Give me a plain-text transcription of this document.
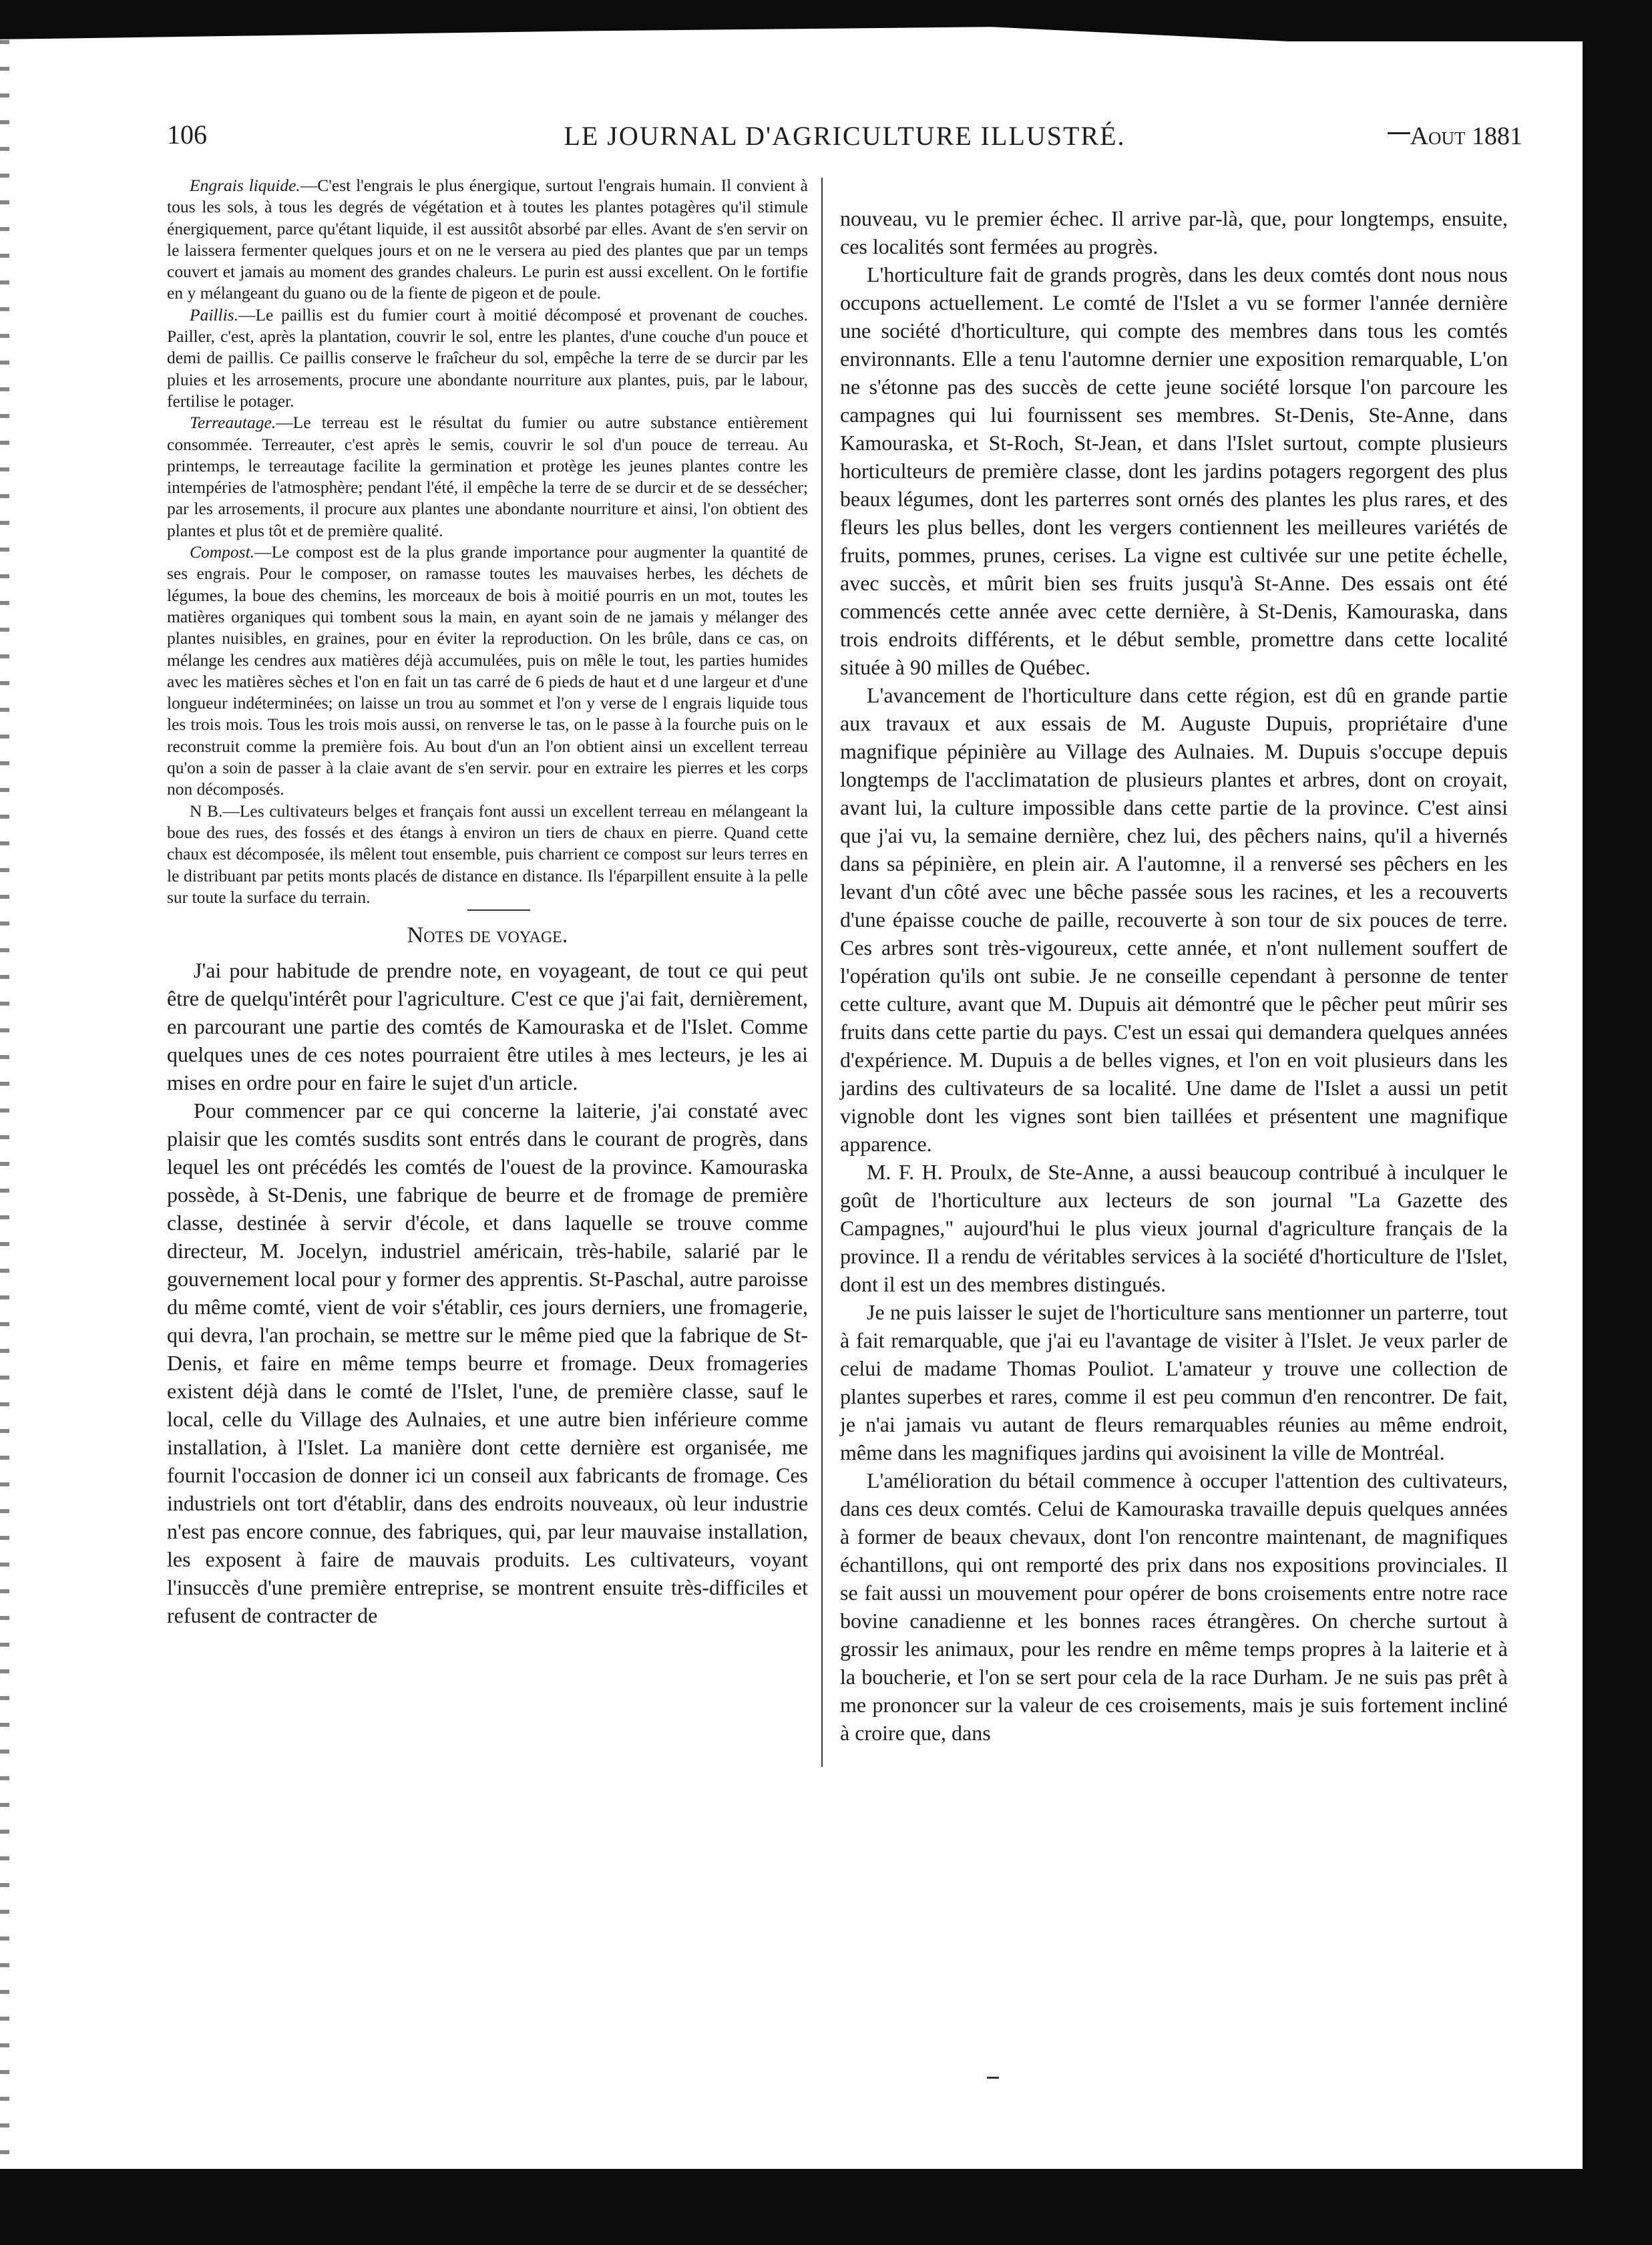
106	LE JOURNAL D'AGRICULTURE ILLUSTRÉ.	Aout 1881

Engrais liquide.—C'est l'engrais le plus énergique, surtout l'engrais humain. Il convient à tous les sols, à tous les degrés de végétation et à toutes les plantes potagères qu'il stimule énergiquement, parce qu'étant liquide, il est aussitôt absorbé par elles. Avant de s'en servir on le laissera fermenter quelques jours et on ne le versera au pied des plantes que par un temps couvert et jamais au moment des grandes chaleurs. Le purin est aussi excellent. On le fortifie en y mélangeant du guano ou de la fiente de pigeon et de poule.

Paillis.—Le paillis est du fumier court à moitié décomposé et provenant de couches. Pailler, c'est, après la plantation, couvrir le sol, entre les plantes, d'une couche d'un pouce et demi de paillis. Ce paillis conserve le fraîcheur du sol, empêche la terre de se durcir par les pluies et les arrosements, procure une abondante nourriture aux plantes, puis, par le labour, fertilise le potager.

Terreautage.—Le terreau est le résultat du fumier ou autre substance entièrement consommée. Terreauter, c'est après le semis, couvrir le sol d'un pouce de terreau. Au printemps, le terreautage facilite la germination et protège les jeunes plantes contre les intempéries de l'atmosphère; pendant l'été, il empêche la terre de se durcir et de se dessécher; par les arrosements, il procure aux plantes une abondante nourriture et ainsi, l'on obtient des plantes et plus tôt et de première qualité.

Compost.—Le compost est de la plus grande importance pour augmenter la quantité de ses engrais. Pour le composer, on ramasse toutes les mauvaises herbes, les déchets de légumes, la boue des chemins, les morceaux de bois à moitié pourris en un mot, toutes les matières organiques qui tombent sous la main, en ayant soin de ne jamais y mélanger des plantes nuisibles, en graines, pour en éviter la reproduction. On les brûle, dans ce cas, on mélange les cendres aux matières déjà accumulées, puis on mêle le tout, les parties humides avec les matières sèches et l'on en fait un tas carré de 6 pieds de haut et d une largeur et d'une longueur indéterminées; on laisse un trou au sommet et l'on y verse de l engrais liquide tous les trois mois. Tous les trois mois aussi, on renverse le tas, on le passe à la fourche puis on le reconstruit comme la première fois. Au bout d'un an l'on obtient ainsi un excellent terreau qu'on a soin de passer à la claie avant de s'en servir. pour en extraire les pierres et les corps non décomposés.

N B.—Les cultivateurs belges et français font aussi un excellent terreau en mélangeant la boue des rues, des fossés et des étangs à environ un tiers de chaux en pierre. Quand cette chaux est décomposée, ils mêlent tout ensemble, puis charrient ce compost sur leurs terres en le distribuant par petits monts placés de distance en distance. Ils l'éparpillent ensuite à la pelle sur toute la surface du terrain.

Notes de voyage.

J'ai pour habitude de prendre note, en voyageant, de tout ce qui peut être de quelqu'intérêt pour l'agriculture. C'est ce que j'ai fait, dernièrement, en parcourant une partie des comtés de Kamouraska et de l'Islet. Comme quelques unes de ces notes pourraient être utiles à mes lecteurs, je les ai mises en ordre pour en faire le sujet d'un article.

Pour commencer par ce qui concerne la laiterie, j'ai constaté avec plaisir que les comtés susdits sont entrés dans le courant de progrès, dans lequel les ont précédés les comtés de l'ouest de la province. Kamouraska possède, à St-Denis, une fabrique de beurre et de fromage de première classe, destinée à servir d'école, et dans laquelle se trouve comme directeur, M. Jocelyn, industriel américain, très-habile, salarié par le gouvernement local pour y former des apprentis. St-Paschal, autre paroisse du même comté, vient de voir s'établir, ces jours derniers, une fromagerie, qui devra, l'an prochain, se mettre sur le même pied que la fabrique de St-Denis, et faire en même temps beurre et fromage. Deux fromageries existent déjà dans le comté de l'Islet, l'une, de première classe, sauf le local, celle du Village des Aulnaies, et une autre bien inférieure comme installation, à l'Islet. La manière dont cette dernière est organisée, me fournit l'occasion de donner ici un conseil aux fabricants de fromage. Ces industriels ont tort d'établir, dans des endroits nouveaux, où leur industrie n'est pas encore connue, des fabriques, qui, par leur mauvaise installation, les exposent à faire de mauvais produits. Les cultivateurs, voyant l'insuccès d'une première entreprise, se montrent ensuite très-difficiles et refusent de contracter de

nouveau, vu le premier échec. Il arrive par-là, que, pour longtemps, ensuite, ces localités sont fermées au progrès.

L'horticulture fait de grands progrès, dans les deux comtés dont nous nous occupons actuellement. Le comté de l'Islet a vu se former l'année dernière une société d'horticulture, qui compte des membres dans tous les comtés environnants. Elle a tenu l'automne dernier une exposition remarquable, L'on ne s'étonne pas des succès de cette jeune société lorsque l'on parcoure les campagnes qui lui fournissent ses membres. St-Denis, Ste-Anne, dans Kamouraska, et St-Roch, St-Jean, et dans l'Islet surtout, compte plusieurs horticulteurs de première classe, dont les jardins potagers regorgent des plus beaux légumes, dont les parterres sont ornés des plantes les plus rares, et des fleurs les plus belles, dont les vergers contiennent les meilleures variétés de fruits, pommes, prunes, cerises. La vigne est cultivée sur une petite échelle, avec succès, et mûrit bien ses fruits jusqu'à St-Anne. Des essais ont été commencés cette année avec cette dernière, à St-Denis, Kamouraska, dans trois endroits différents, et le début semble, promettre dans cette localité située à 90 milles de Québec.

L'avancement de l'horticulture dans cette région, est dû en grande partie aux travaux et aux essais de M. Auguste Dupuis, propriétaire d'une magnifique pépinière au Village des Aulnaies. M. Dupuis s'occupe depuis longtemps de l'acclimatation de plusieurs plantes et arbres, dont on croyait, avant lui, la culture impossible dans cette partie de la province. C'est ainsi que j'ai vu, la semaine dernière, chez lui, des pêchers nains, qu'il a hivernés dans sa pépinière, en plein air. A l'automne, il a renversé ses pêchers en les levant d'un côté avec une bêche passée sous les racines, et les a recouverts d'une épaisse couche de paille, recouverte à son tour de six pouces de terre. Ces arbres sont très-vigoureux, cette année, et n'ont nullement souffert de l'opération qu'ils ont subie. Je ne conseille cependant à personne de tenter cette culture, avant que M. Dupuis ait démontré que le pêcher peut mûrir ses fruits dans cette partie du pays. C'est un essai qui demandera quelques années d'expérience. M. Dupuis a de belles vignes, et l'on en voit plusieurs dans les jardins des cultivateurs de sa localité. Une dame de l'Islet a aussi un petit vignoble dont les vignes sont bien taillées et présentent une magnifique apparence.

M. F. H. Proulx, de Ste-Anne, a aussi beaucoup contribué à inculquer le goût de l'horticulture aux lecteurs de son journal "La Gazette des Campagnes," aujourd'hui le plus vieux journal d'agriculture français de la province. Il a rendu de véritables services à la société d'horticulture de l'Islet, dont il est un des membres distingués.

Je ne puis laisser le sujet de l'horticulture sans mentionner un parterre, tout à fait remarquable, que j'ai eu l'avantage de visiter à l'Islet. Je veux parler de celui de madame Thomas Pouliot. L'amateur y trouve une collection de plantes superbes et rares, comme il est peu commun d'en rencontrer. De fait, je n'ai jamais vu autant de fleurs remarquables réunies au même endroit, même dans les magnifiques jardins qui avoisinent la ville de Montréal.

L'amélioration du bétail commence à occuper l'attention des cultivateurs, dans ces deux comtés. Celui de Kamouraska travaille depuis quelques années à former de beaux chevaux, dont l'on rencontre maintenant, de magnifiques échantillons, qui ont remporté des prix dans nos expositions provinciales. Il se fait aussi un mouvement pour opérer de bons croisements entre notre race bovine canadienne et les bonnes races étrangères. On cherche surtout à grossir les animaux, pour les rendre en même temps propres à la laiterie et à la boucherie, et l'on se sert pour cela de la race Durham. Je ne suis pas prêt à me prononcer sur la valeur de ces croisements, mais je suis fortement incliné à croire que, dans
